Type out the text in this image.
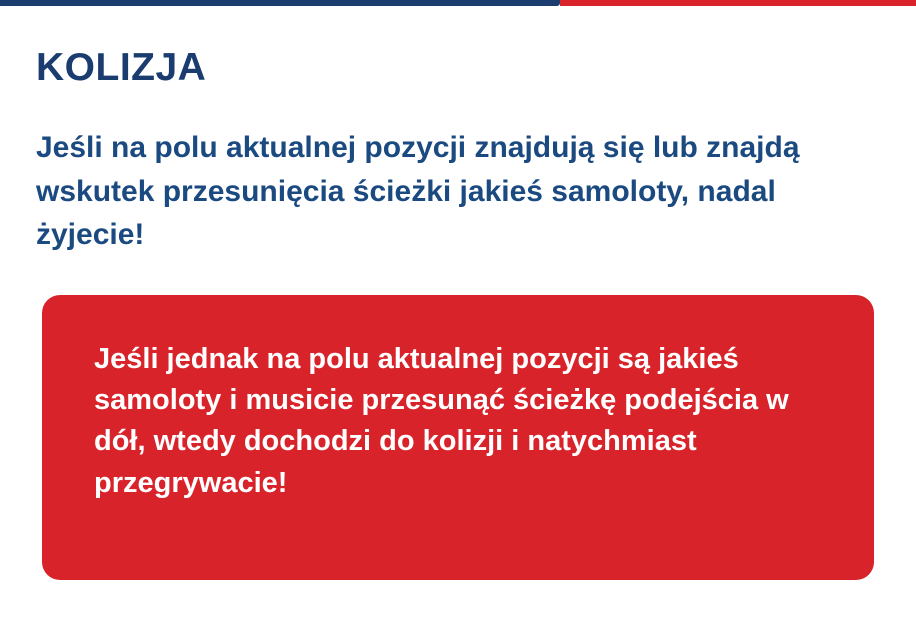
KOLIZJA

Jeśli na polu aktualnej pozycji znajdują się lub znajdą wskutek przesunięcia ścieżki jakieś samoloty, nadal żyjecie!

Jeśli jednak na polu aktualnej pozycji są jakieś samoloty i musicie przesunąć ścieżkę podejścia w dół, wtedy dochodzi do kolizji i natychmiast przegrywacie!
